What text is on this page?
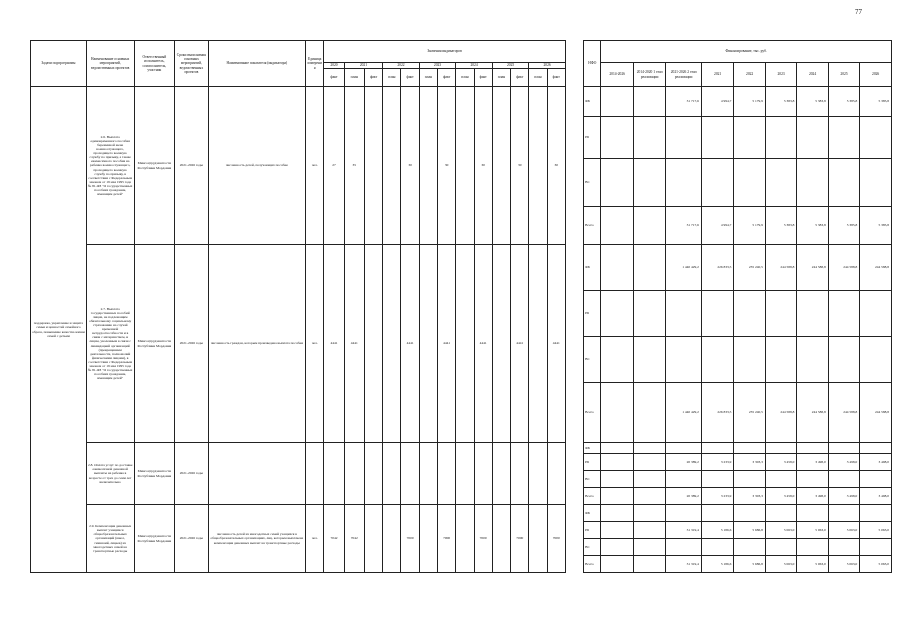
77
Задачи подпрограммы	Наименование основных мероприятий, ведомственных проектов	Ответственный исполнитель, соисполнитель, участник	Сроки выполнения основных мероприятий, ведомственных проектов	Наименование показателя (индикатора)	Единица измерения	Значения индикаторов														НФО	Финансирование, тыс. руб.								
						2020	2021		2022		2023		2024		2025		2026				2014-2026	2014-2020 1 этап реализации	2021-2026 2 этап реализации	2021	2022	2023	2024	2025	2026
						факт	план	факт	план	факт	план	факт	план	факт	план	факт	план	факт											
поддержка, укрепление и защита семьи и ценностей семейного образа, повышение качества жизни семей с детьми	2.6. Выплата единовременного пособия беременной жене военнослужащего, проходящего военную службу по призыву, а также ежемесячного пособия на ребенка военнослужащего, проходящего военную службу по призыву, в соответствии с Федеральным законом от 19 мая 1995 года № 81-ФЗ "О государственных пособиях гражданам, имеющим детей"	Минсоцтрудзанятости Республики Мордовия	2021-2026 годы	численность детей, получающих пособие	чел.	27	35			30		30		30		30		30		ФБ			31 717,6	4 994,7	5 179,9	5 383,8	5 383,8	5 385,8	5 385,8
																				РБ									
																				ВС									
																				Всего			31 717,6	4 994,7	5 179,9	5 383,8	5 383,8	5 385,8	5 385,8
	2.7. Выплата государственных пособий лицам, не подлежащим обязательному социальному страхованию на случай временной нетрудоспособности и в связи с материнством, и лицам, уволенным в связи с ликвидацией организаций (прекращением деятельности, полномочий физическими лицами), в соответствии с Федеральным законом от 19 мая 1995 года № 81-ФЗ "О государственных пособиях гражданам, имеющим детей"	Минсоцтрудзанятости Республики Мордовия	2021-2026 годы	численность граждан, которым произведена выплата пособия	чел.	4441	4441			4441		4441		4441		4441		4441		ФБ			1 440 429,2	226 833,5	235 240,5	244 588,8	244 588,8	244 588,8	244 588,8
																				РБ									
																				ВС									
																				Всего			1 440 429,2	226 833,5	235 240,5	244 588,8	244 588,8	244 588,8	244 588,8
	2.8. Оплата услуг по доставке ежемесячной денежной выплаты на ребенка в возрасте от трех до семи лет включительно	Минсоцтрудзанятости Республики Мордовия	2021-2026 годы																	ФБ									
																				РБ			20 389,2	3 233,9	3 303,3	3 458,0	3 498,0	3 498,0	3 498,0
																				ВС									
																				Всего			20 389,2	3 233,9	3 303,3	3 458,0	3 498,0	3 498,0	3 498,0
	2.9. Компенсация денежных выплат учащимся общеобразовательных организаций (школ, гимназий, лицеев) из многодетных семей на транспортные расходы	Минсоцтрудзанятости Республики Мордовия	2021-2026 годы	численность детей из многодетных семей учащихся в общеобразовательных организациях, лиц, которым выплачена компенсация денежных выплат на транспортные расходы	чел.	7042	7042			7000		7000		7000		7000		7000		ФБ									
																				РБ			31 319,4	5 186,6	5 686,8	5 063,0	5 063,0	5 063,0	5 063,0
																				ВС									
																				Всего			31 319,4	5 186,6	5 686,8	5 063,0	5 063,0	5 063,0	5 063,0
